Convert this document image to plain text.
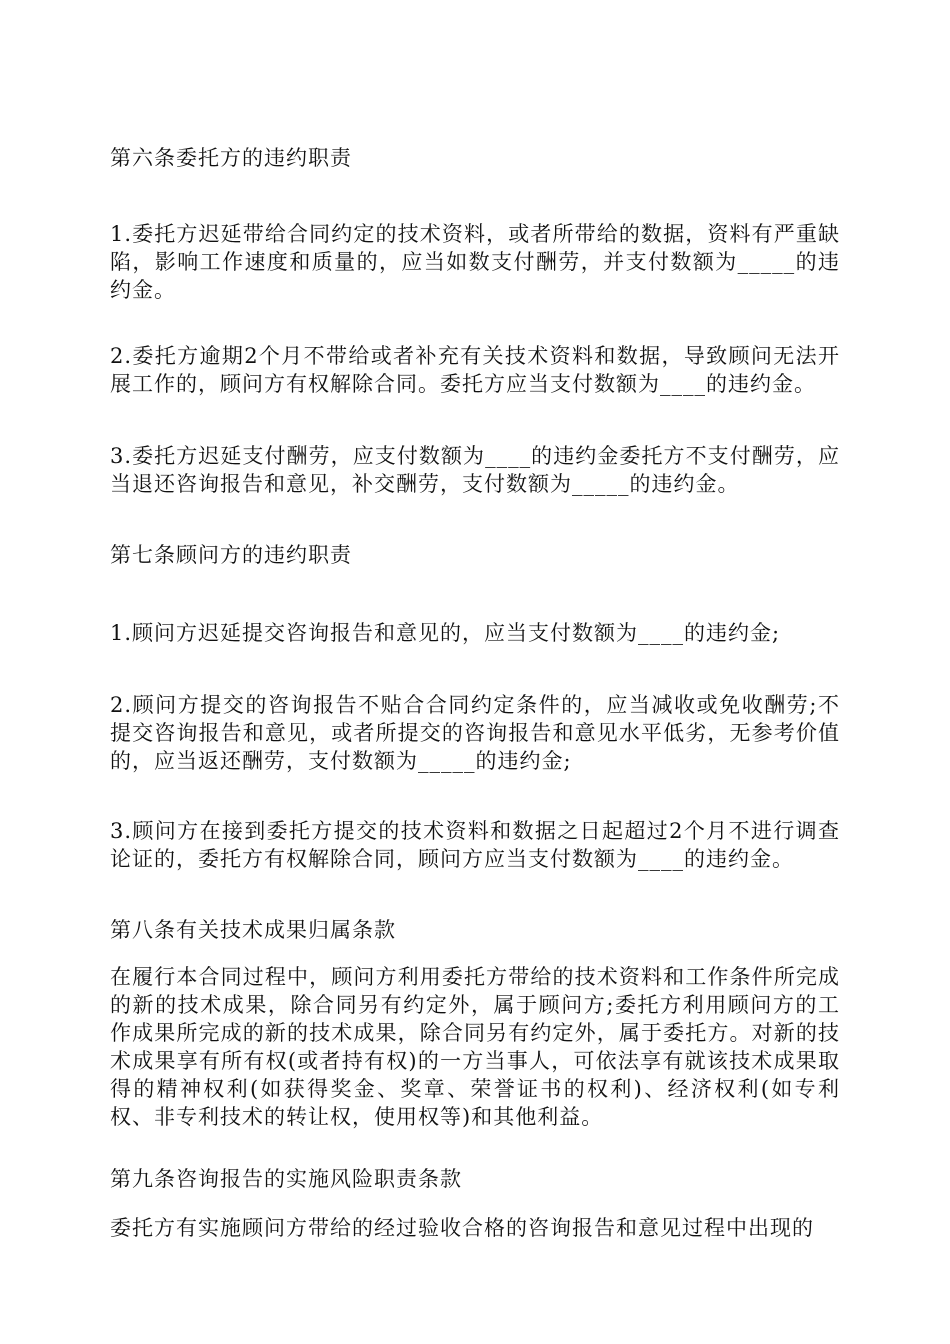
第六条委托方的违约职责

1.委托方迟延带给合同约定的技术资料，或者所带给的数据，资料有严重缺陷，影响工作速度和质量的，应当如数支付酬劳，并支付数额为_____的违约金。

2.委托方逾期2个月不带给或者补充有关技术资料和数据，导致顾问无法开展工作的，顾问方有权解除合同。委托方应当支付数额为____的违约金。

3.委托方迟延支付酬劳，应支付数额为____的违约金委托方不支付酬劳，应当退还咨询报告和意见，补交酬劳，支付数额为_____的违约金。

第七条顾问方的违约职责

1.顾问方迟延提交咨询报告和意见的，应当支付数额为____的违约金;

2.顾问方提交的咨询报告不贴合合同约定条件的，应当减收或免收酬劳;不提交咨询报告和意见，或者所提交的咨询报告和意见水平低劣，无参考价值的，应当返还酬劳，支付数额为_____的违约金;

3.顾问方在接到委托方提交的技术资料和数据之日起超过2个月不进行调查论证的，委托方有权解除合同，顾问方应当支付数额为____的违约金。

第八条有关技术成果归属条款

在履行本合同过程中，顾问方利用委托方带给的技术资料和工作条件所完成的新的技术成果，除合同另有约定外，属于顾问方;委托方利用顾问方的工作成果所完成的新的技术成果，除合同另有约定外，属于委托方。对新的技术成果享有所有权(或者持有权)的一方当事人，可依法享有就该技术成果取得的精神权利(如获得奖金、奖章、荣誉证书的权利)、经济权利(如专利权、非专利技术的转让权，使用权等)和其他利益。

第九条咨询报告的实施风险职责条款

委托方有实施顾问方带给的经过验收合格的咨询报告和意见过程中出现的
